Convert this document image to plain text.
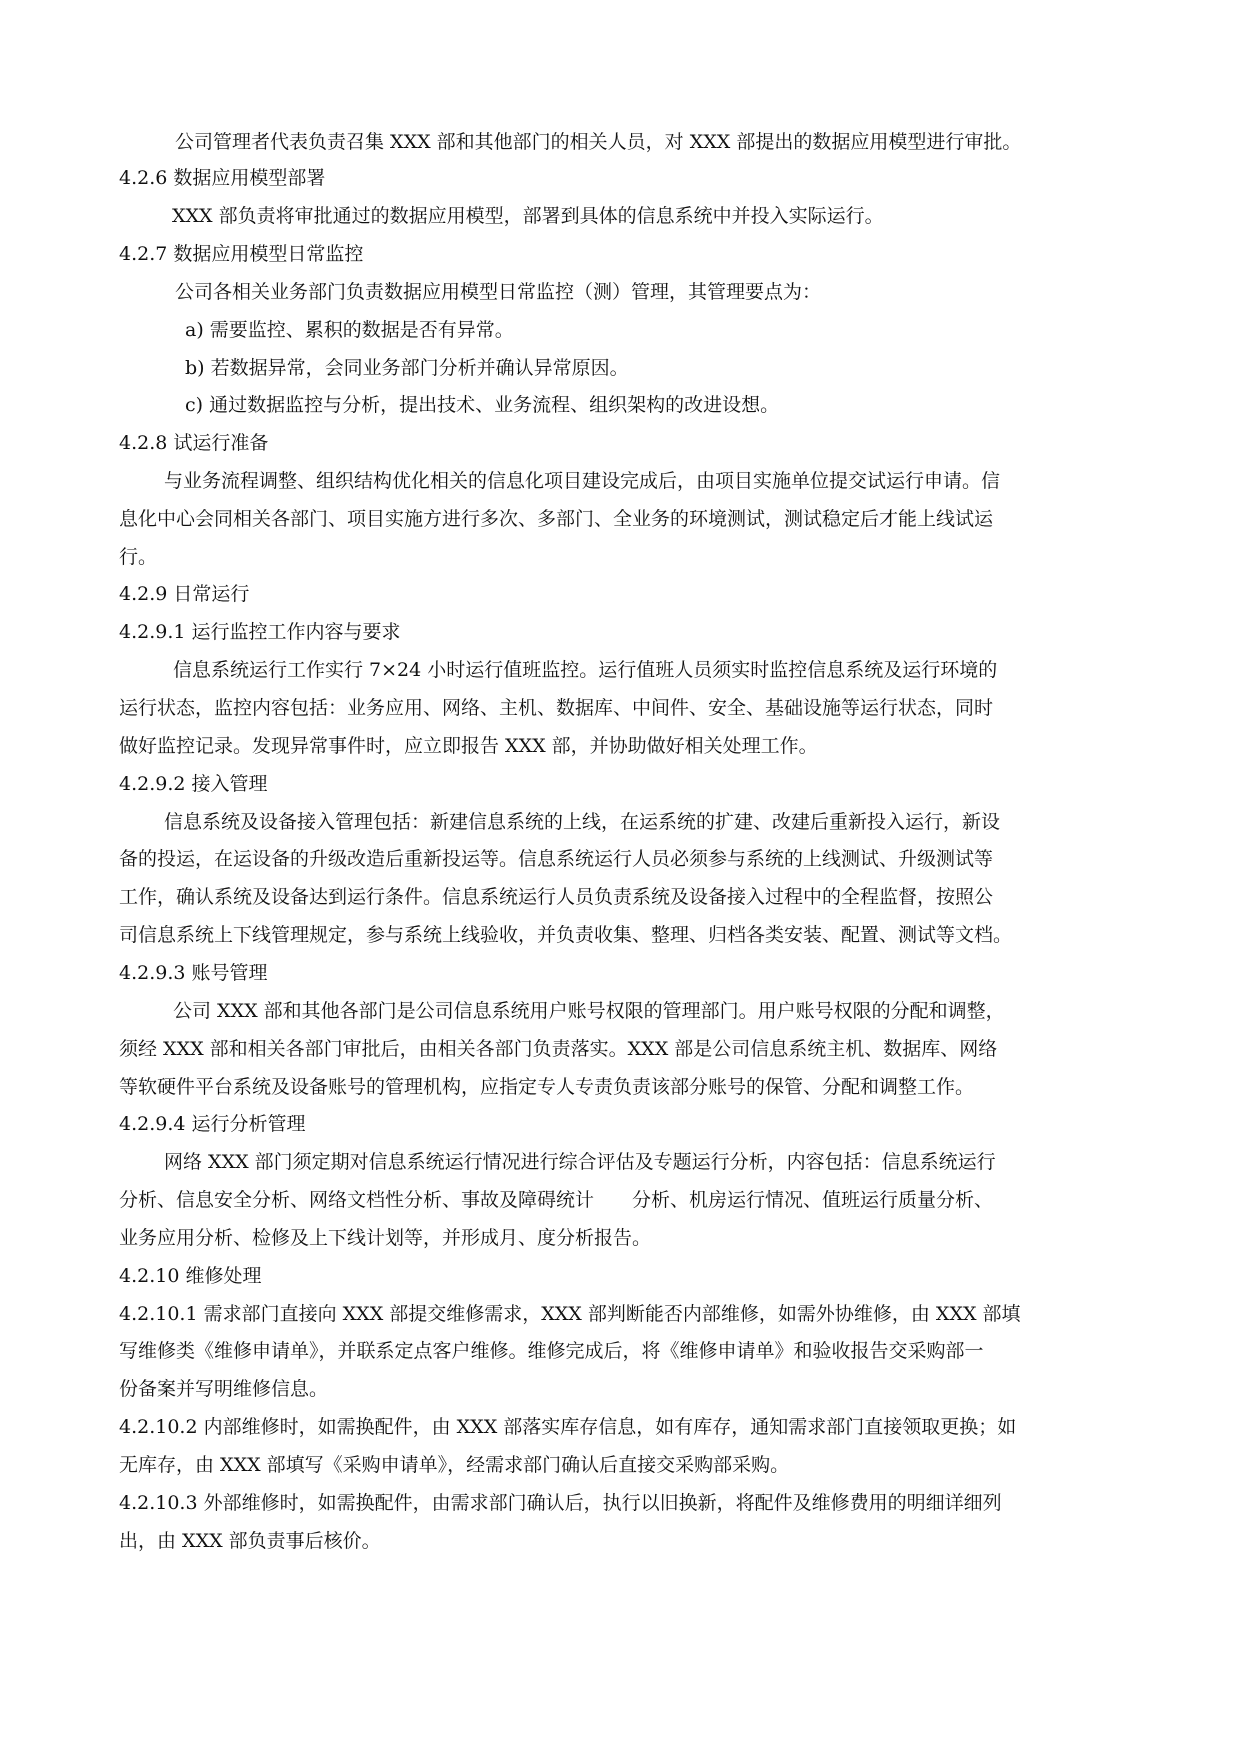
公司管理者代表负责召集 XXX 部和其他部门的相关人员，对 XXX 部提出的数据应用模型进行审批。
4.2.6 数据应用模型部署
XXX 部负责将审批通过的数据应用模型，部署到具体的信息系统中并投入实际运行。
4.2.7 数据应用模型日常监控
公司各相关业务部门负责数据应用模型日常监控（测）管理，其管理要点为：
a) 需要监控、累积的数据是否有异常。
b) 若数据异常，会同业务部门分析并确认异常原因。
c) 通过数据监控与分析，提出技术、业务流程、组织架构的改进设想。
4.2.8 试运行准备
与业务流程调整、组织结构优化相关的信息化项目建设完成后，由项目实施单位提交试运行申请。信
息化中心会同相关各部门、项目实施方进行多次、多部门、全业务的环境测试，测试稳定后才能上线试运
行。
4.2.9 日常运行
4.2.9.1 运行监控工作内容与要求
信息系统运行工作实行 7×24 小时运行值班监控。运行值班人员须实时监控信息系统及运行环境的
运行状态，监控内容包括：业务应用、网络、主机、数据库、中间件、安全、基础设施等运行状态，同时
做好监控记录。发现异常事件时，应立即报告 XXX 部，并协助做好相关处理工作。
4.2.9.2 接入管理
信息系统及设备接入管理包括：新建信息系统的上线，在运系统的扩建、改建后重新投入运行，新设
备的投运，在运设备的升级改造后重新投运等。信息系统运行人员必须参与系统的上线测试、升级测试等
工作，确认系统及设备达到运行条件。信息系统运行人员负责系统及设备接入过程中的全程监督，按照公
司信息系统上下线管理规定，参与系统上线验收，并负责收集、整理、归档各类安装、配置、测试等文档。
4.2.9.3 账号管理
公司 XXX 部和其他各部门是公司信息系统用户账号权限的管理部门。用户账号权限的分配和调整，
须经 XXX 部和相关各部门审批后，由相关各部门负责落实。XXX 部是公司信息系统主机、数据库、网络
等软硬件平台系统及设备账号的管理机构，应指定专人专责负责该部分账号的保管、分配和调整工作。
4.2.9.4 运行分析管理
网络 XXX 部门须定期对信息系统运行情况进行综合评估及专题运行分析，内容包括：信息系统运行
分析、信息安全分析、网络文档性分析、事故及障碍统计　　分析、机房运行情况、值班运行质量分析、
业务应用分析、检修及上下线计划等，并形成月、度分析报告。
4.2.10 维修处理
4.2.10.1 需求部门直接向 XXX 部提交维修需求，XXX 部判断能否内部维修，如需外协维修，由 XXX 部填
写维修类《维修申请单》，并联系定点客户维修。维修完成后，将《维修申请单》和验收报告交采购部一
份备案并写明维修信息。
4.2.10.2 内部维修时，如需换配件，由 XXX 部落实库存信息，如有库存，通知需求部门直接领取更换；如
无库存，由 XXX 部填写《采购申请单》，经需求部门确认后直接交采购部采购。
4.2.10.3 外部维修时，如需换配件，由需求部门确认后，执行以旧换新，将配件及维修费用的明细详细列
出，由 XXX 部负责事后核价。
